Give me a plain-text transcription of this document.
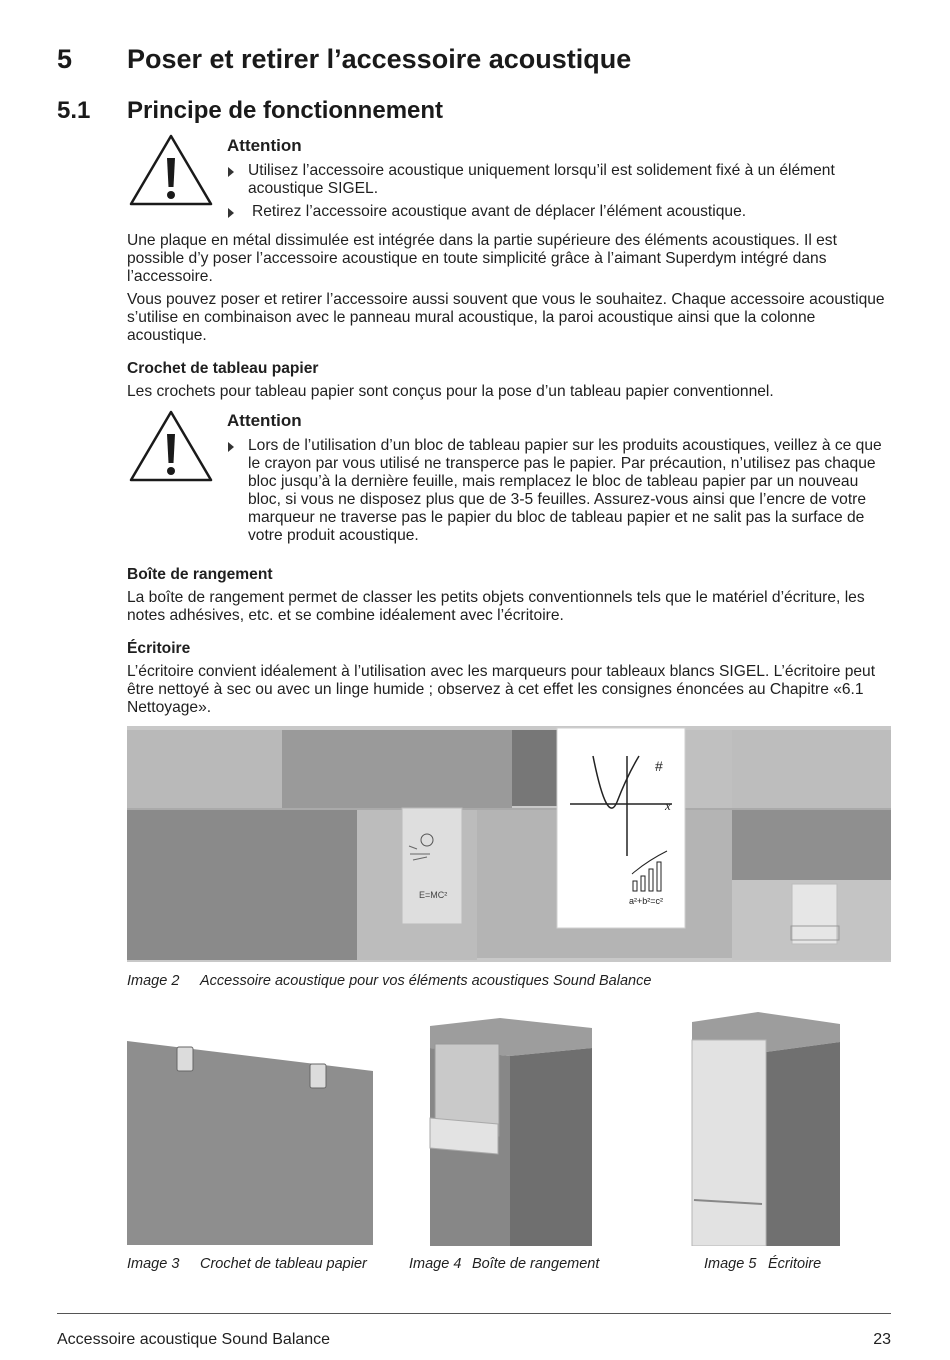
5 Poser et retirer l’accessoire acoustique
5.1 Principe de fonctionnement
Attention
Utilisez l’accessoire acoustique uniquement lorsqu’il est solidement fixé à un élément acoustique SIGEL.
Retirez l’accessoire acoustique avant de déplacer l’élément acoustique.

Une plaque en métal dissimulée est intégrée dans la partie supérieure des éléments acoustiques. Il est possible d’y poser l’accessoire acoustique en toute simplicité grâce à l’aimant Superdym intégré dans l’accessoire.

Vous pouvez poser et retirer l’accessoire aussi souvent que vous le souhaitez. Chaque accessoire acoustique s’utilise en combinaison avec le panneau mural acoustique, la paroi acoustique ainsi que la colonne acoustique.

Crochet de tableau papier

Les crochets pour tableau papier sont conçus pour la pose d’un tableau papier conventionnel.

Attention
Lors de l’utilisation d’un bloc de tableau papier sur les produits acoustiques, veillez à ce que le crayon par vous utilisé ne transperce pas le papier. Par précaution, n’utilisez pas chaque bloc jusqu’à la dernière feuille, mais remplacez le bloc de tableau papier par un nouveau bloc, si vous ne disposez plus que de 3-5 feuilles. Assurez-vous ainsi que l’encre de votre marqueur ne traverse pas le papier du bloc de tableau papier et ne salit pas la surface de votre produit acoustique.
Boîte de rangement

La boîte de rangement permet de classer les petits objets conventionnels tels que le matériel d’écriture, les notes adhésives, etc. et se combine idéalement avec l’écritoire.

Écritoire

L’écritoire convient idéalement à l’utilisation avec les marqueurs pour tableaux blancs SIGEL. L’écritoire peut être nettoyé à sec ou avec un linge humide ; observez à cet effet les consignes énoncées au Chapitre «6.1 Nettoyage».

E=MC²
#
x
a²+b²=c²
Image 2 Accessoire acoustique pour vos éléments acoustiques Sound Balance
Image 3 Crochet de tableau papier	Image 4 Boîte de rangement	Image 5 Écritoire
Accessoire acoustique Sound Balance	23
